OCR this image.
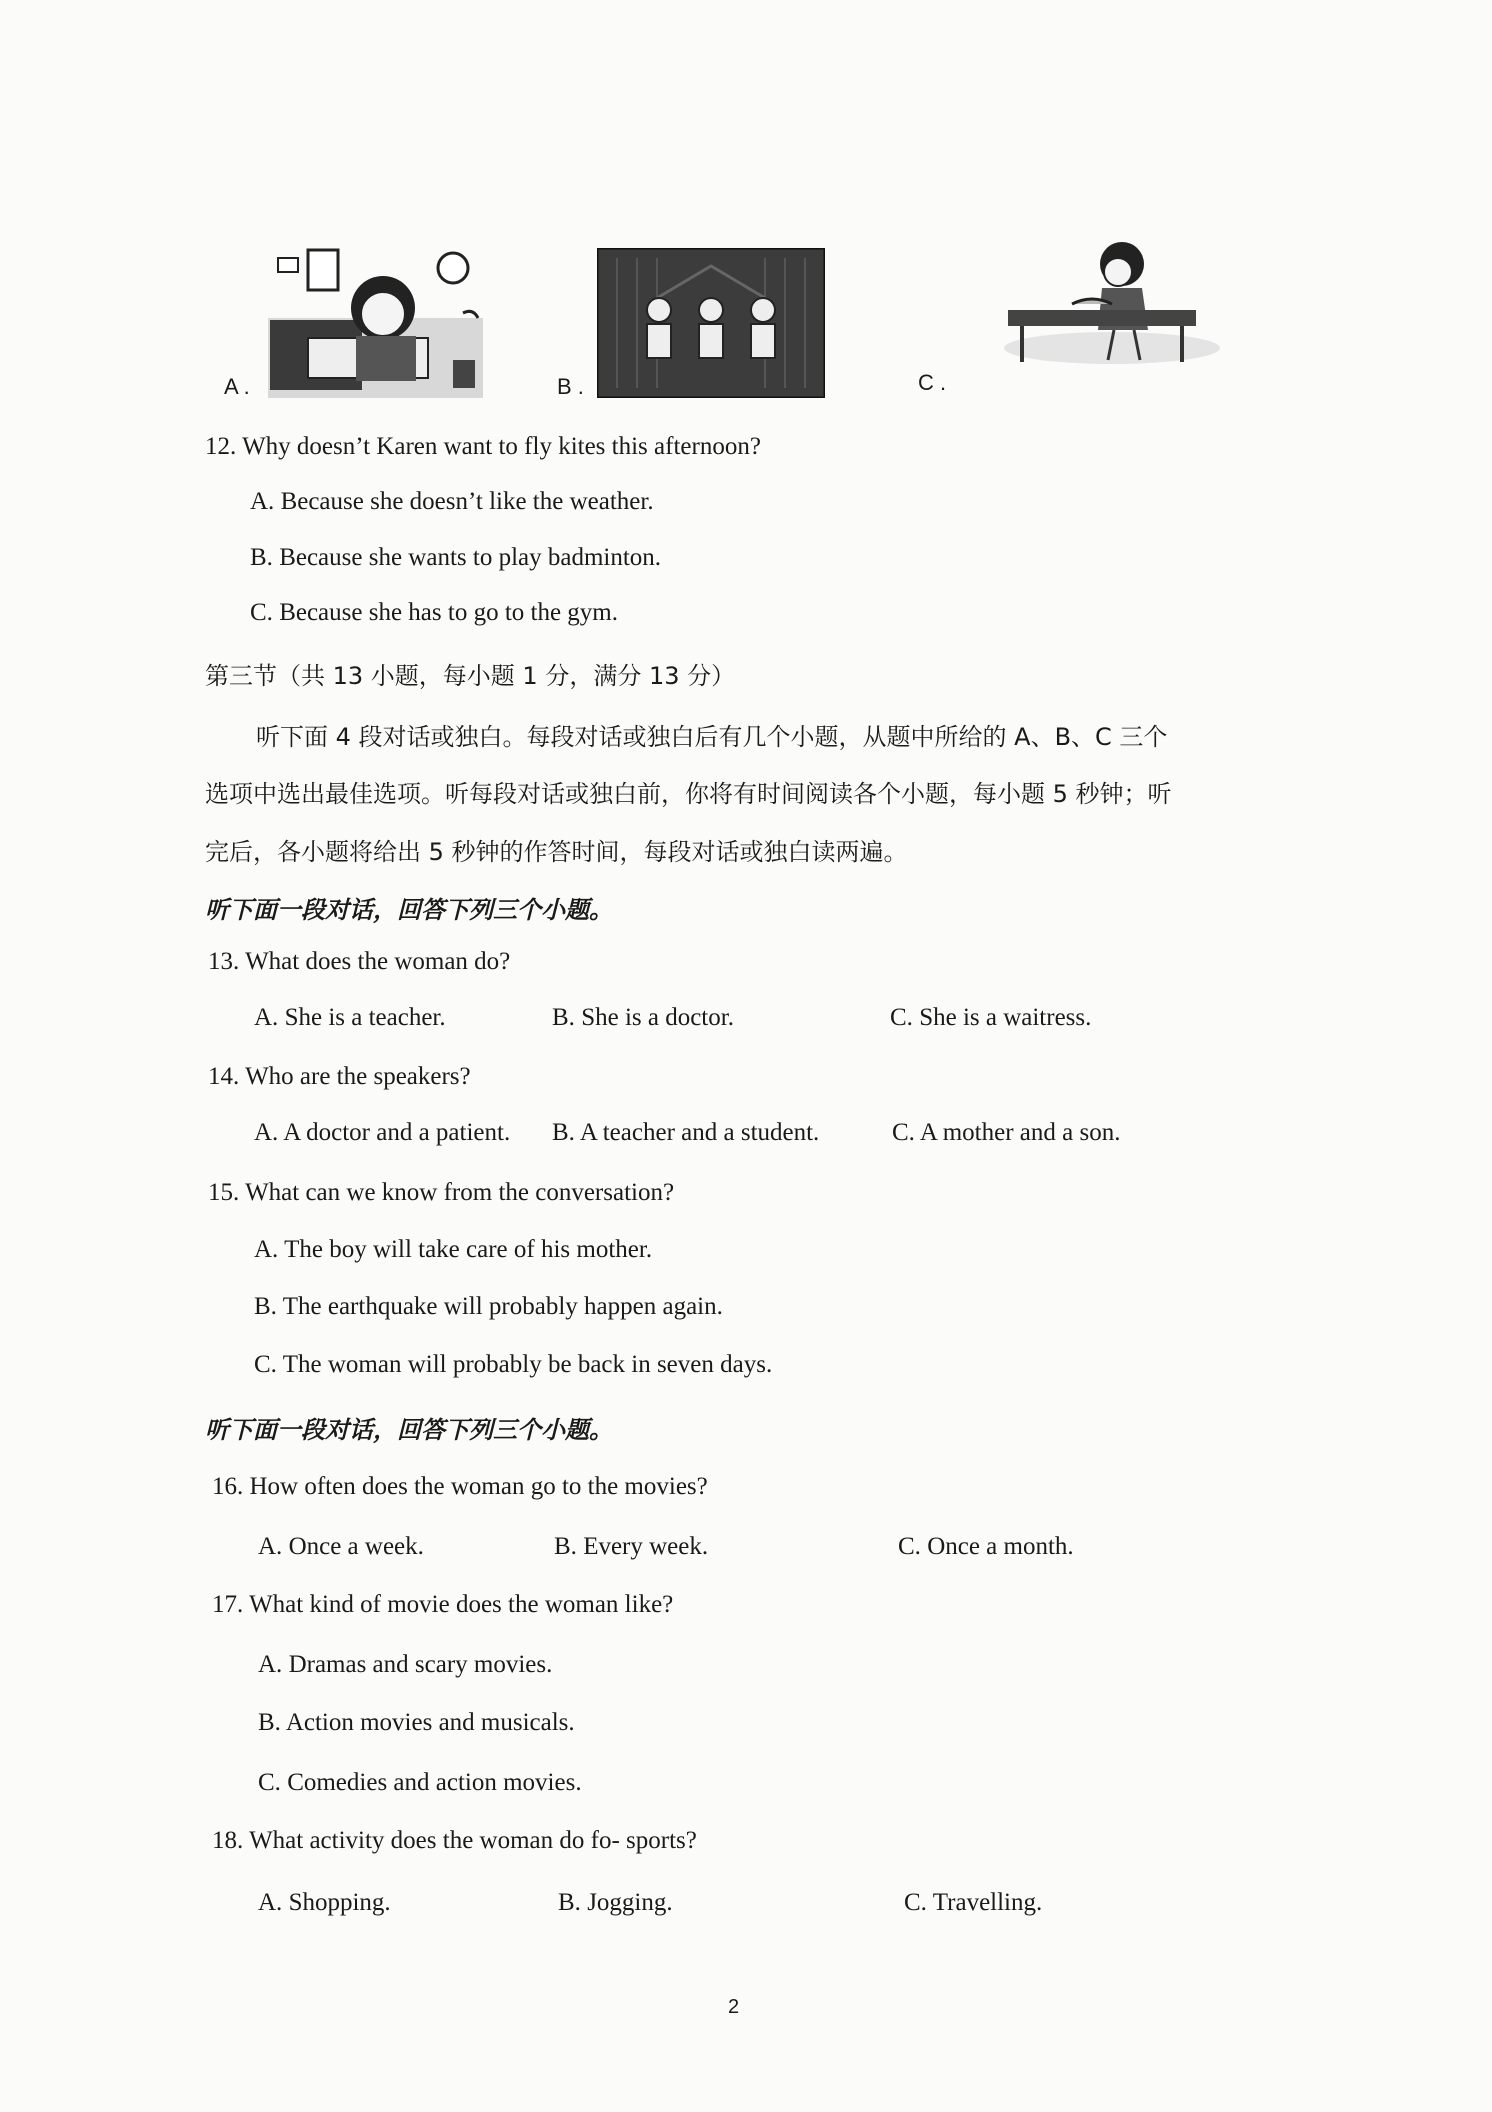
A .	B .	C .
12. Why doesn’t Karen want to fly kites this afternoon?
A. Because she doesn’t like the weather.
B. Because she wants to play badminton.
C. Because she has to go to the gym.
第三节（共 13 小题，每小题 1 分，满分 13 分）
听下面 4 段对话或独白。每段对话或独白后有几个小题，从题中所给的 A、B、C 三个
选项中选出最佳选项。听每段对话或独白前，你将有时间阅读各个小题，每小题 5 秒钟；听
完后，各小题将给出 5 秒钟的作答时间，每段对话或独白读两遍。
听下面一段对话，回答下列三个小题。
13. What does the woman do?
A. She is a teacher.	B. She is a doctor.	C. She is a waitress.
14. Who are the speakers?
A. A doctor and a patient. B. A teacher and a student.	C. A mother and a son.
15. What can we know from the conversation?
A. The boy will take care of his mother.
B. The earthquake will probably happen again.
C. The woman will probably be back in seven days.
听下面一段对话，回答下列三个小题。
16. How often does the woman go to the movies?
A. Once a week.	B. Every week.	C. Once a month.
17. What kind of movie does the woman like?
A. Dramas and scary movies.
B. Action movies and musicals.
C. Comedies and action movies.
18. What activity does the woman do fo- sports?
A. Shopping.	B. Jogging.	C. Travelling.
2
